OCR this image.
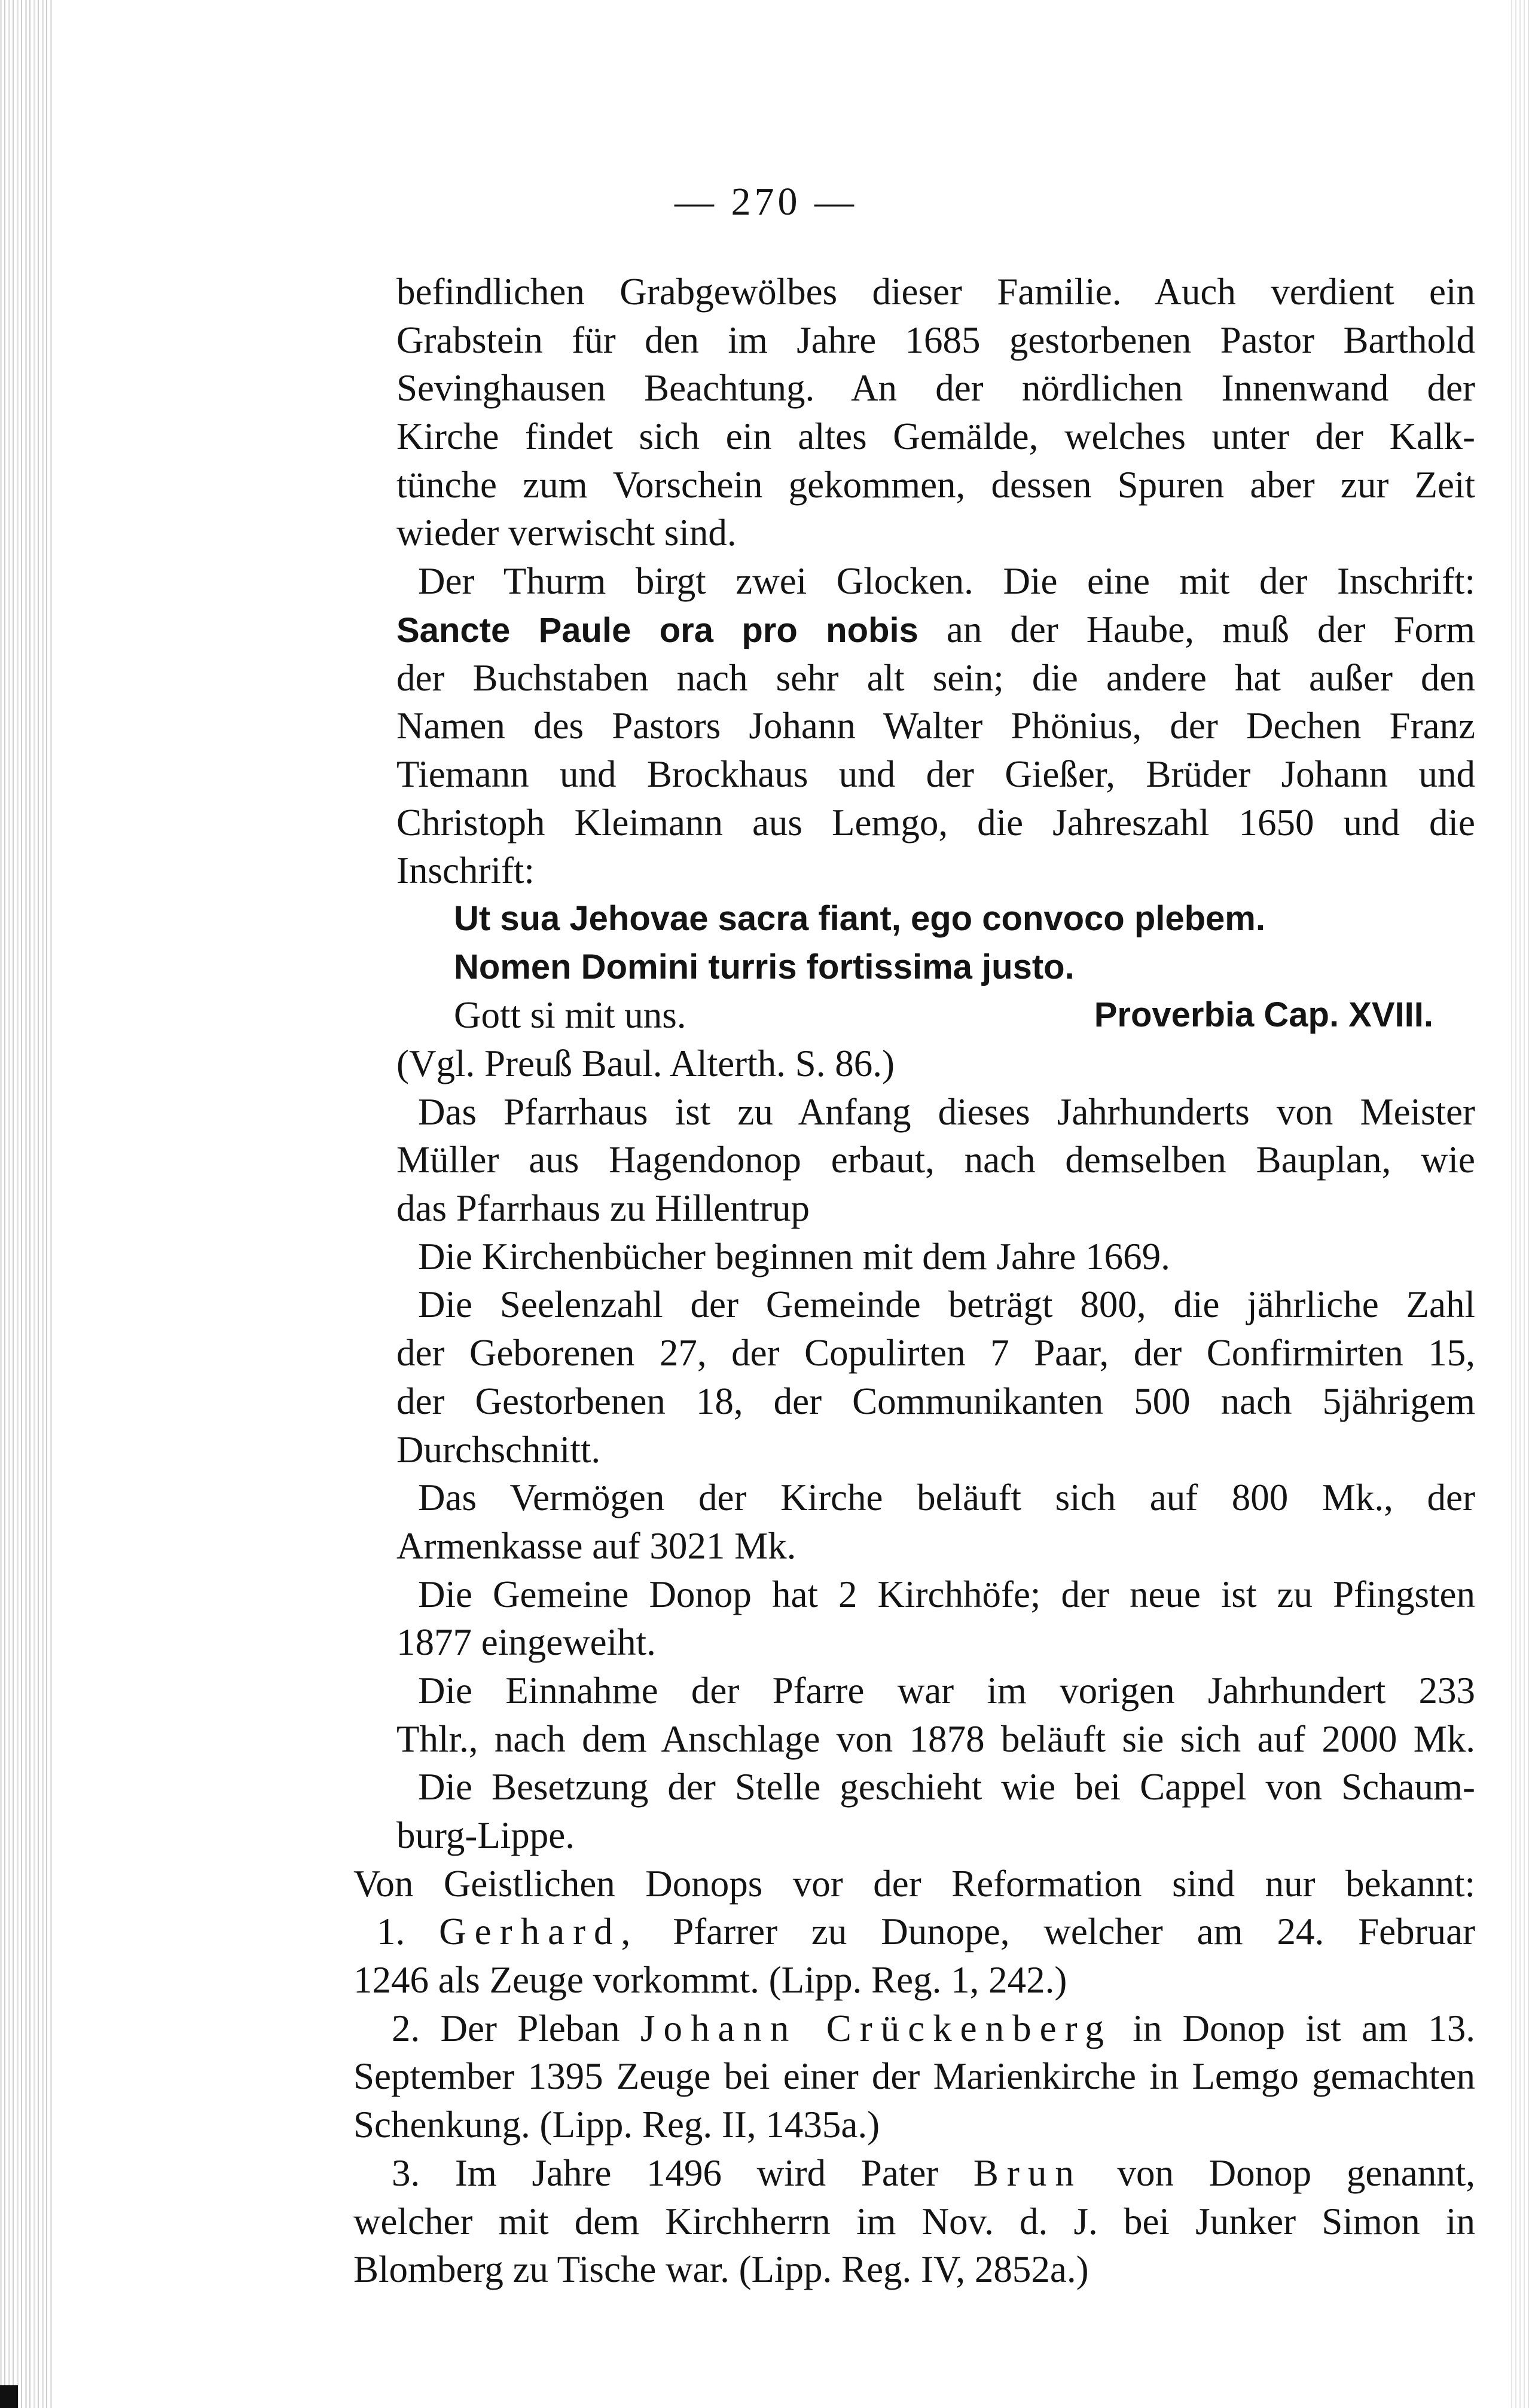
— 270 —
befindlichen Grabgewölbes dieser Familie. Auch verdient ein
Grabstein für den im Jahre 1685 gestorbenen Pastor Barthold
Sevinghausen Beachtung. An der nördlichen Innenwand der
Kirche findet sich ein altes Gemälde, welches unter der Kalk-
tünche zum Vorschein gekommen, dessen Spuren aber zur Zeit
wieder verwischt sind.
Der Thurm birgt zwei Glocken. Die eine mit der Inschrift:
Sancte Paule ora pro nobis an der Haube, muß der Form
der Buchstaben nach sehr alt sein; die andere hat außer den
Namen des Pastors Johann Walter Phönius, der Dechen Franz
Tiemann und Brockhaus und der Gießer, Brüder Johann und
Christoph Kleimann aus Lemgo, die Jahreszahl 1650 und die
Inschrift:
Ut sua Jehovae sacra fiant, ego convoco plebem.
Nomen Domini turris fortissima justo.
Gott si mit uns.	Proverbia Cap. XVIII.
(Vgl. Preuß Baul. Alterth. S. 86.)
Das Pfarrhaus ist zu Anfang dieses Jahrhunderts von Meister
Müller aus Hagendonop erbaut, nach demselben Bauplan, wie
das Pfarrhaus zu Hillentrup
Die Kirchenbücher beginnen mit dem Jahre 1669.
Die Seelenzahl der Gemeinde beträgt 800, die jährliche Zahl
der Geborenen 27, der Copulirten 7 Paar, der Confirmirten 15,
der Gestorbenen 18, der Communikanten 500 nach 5jährigem
Durchschnitt.
Das Vermögen der Kirche beläuft sich auf 800 Mk., der
Armenkasse auf 3021 Mk.
Die Gemeine Donop hat 2 Kirchhöfe; der neue ist zu Pfingsten
1877 eingeweiht.
Die Einnahme der Pfarre war im vorigen Jahrhundert 233
Thlr., nach dem Anschlage von 1878 beläuft sie sich auf 2000 Mk.
Die Besetzung der Stelle geschieht wie bei Cappel von Schaum-
burg-Lippe.
Von Geistlichen Donops vor der Reformation sind nur bekannt:
1. Gerhard, Pfarrer zu Dunope, welcher am 24. Februar
1246 als Zeuge vorkommt. (Lipp. Reg. 1, 242.)
2. Der Pleban Johann Crückenberg in Donop ist am 13.
September 1395 Zeuge bei einer der Marienkirche in Lemgo gemachten
Schenkung. (Lipp. Reg. II, 1435a.)
3. Im Jahre 1496 wird Pater Brun von Donop genannt,
welcher mit dem Kirchherrn im Nov. d. J. bei Junker Simon in
Blomberg zu Tische war. (Lipp. Reg. IV, 2852a.)
